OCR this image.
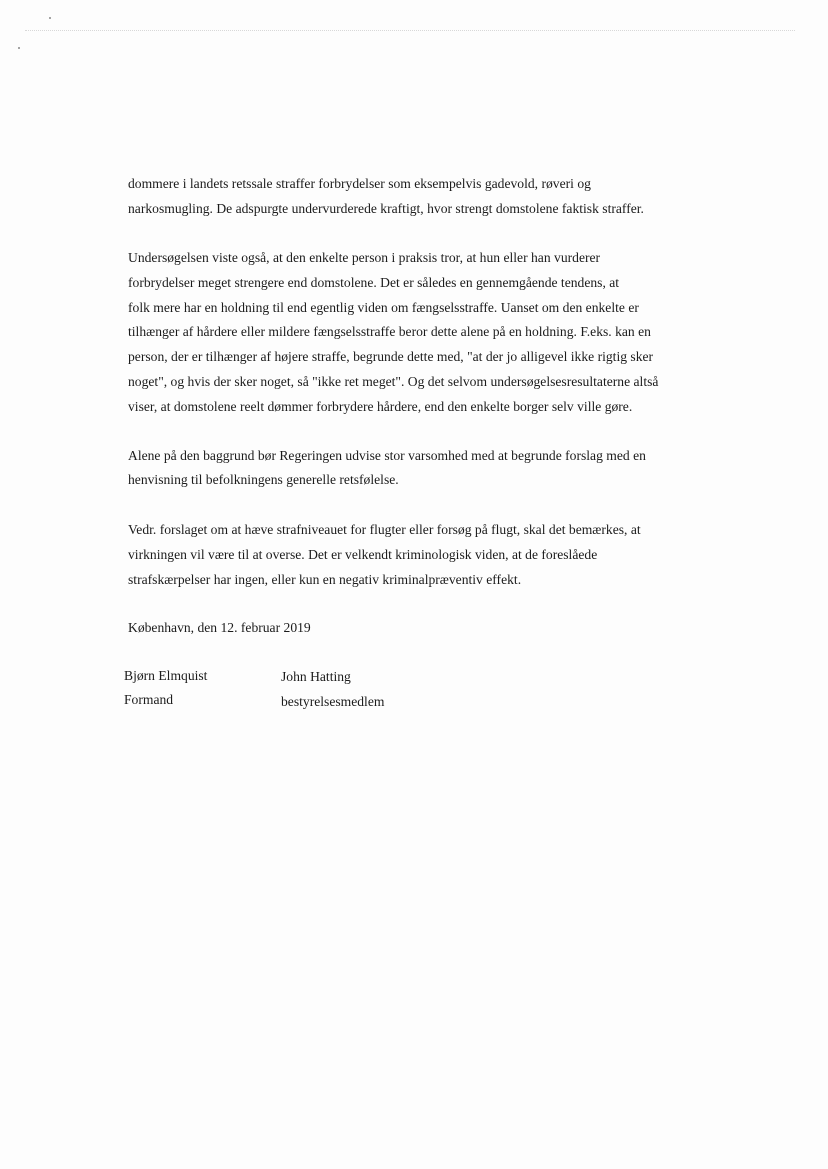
dommere i landets retssale straffer forbrydelser som eksempelvis gadevold, røveri og

narkosmugling. De adspurgte undervurderede kraftigt, hvor strengt domstolene faktisk straffer.

Undersøgelsen viste også, at den enkelte person i praksis tror, at hun eller han vurderer

forbrydelser meget strengere end domstolene. Det er således en gennemgående tendens, at

folk mere har en holdning til end egentlig viden om fængselsstraffe. Uanset om den enkelte er

tilhænger af hårdere eller mildere fængselsstraffe beror dette alene på en holdning. F.eks. kan en

person, der er tilhænger af højere straffe, begrunde dette med, "at der jo alligevel ikke rigtig sker

noget", og hvis der sker noget, så "ikke ret meget". Og det selvom undersøgelsesresultaterne altså

viser, at domstolene reelt dømmer forbrydere hårdere, end den enkelte borger selv ville gøre.

Alene på den baggrund bør Regeringen udvise stor varsomhed med at begrunde forslag med en

henvisning til befolkningens generelle retsfølelse.

Vedr. forslaget om at hæve strafniveauet for flugter eller forsøg på flugt, skal det bemærkes, at

virkningen vil være til at overse. Det er velkendt kriminologisk viden, at de foreslåede

strafskærpelser har ingen, eller kun en negativ kriminalpræventiv effekt.

København, den 12. februar 2019

Bjørn Elmquist

Formand

John Hatting

bestyrelsesmedlem
